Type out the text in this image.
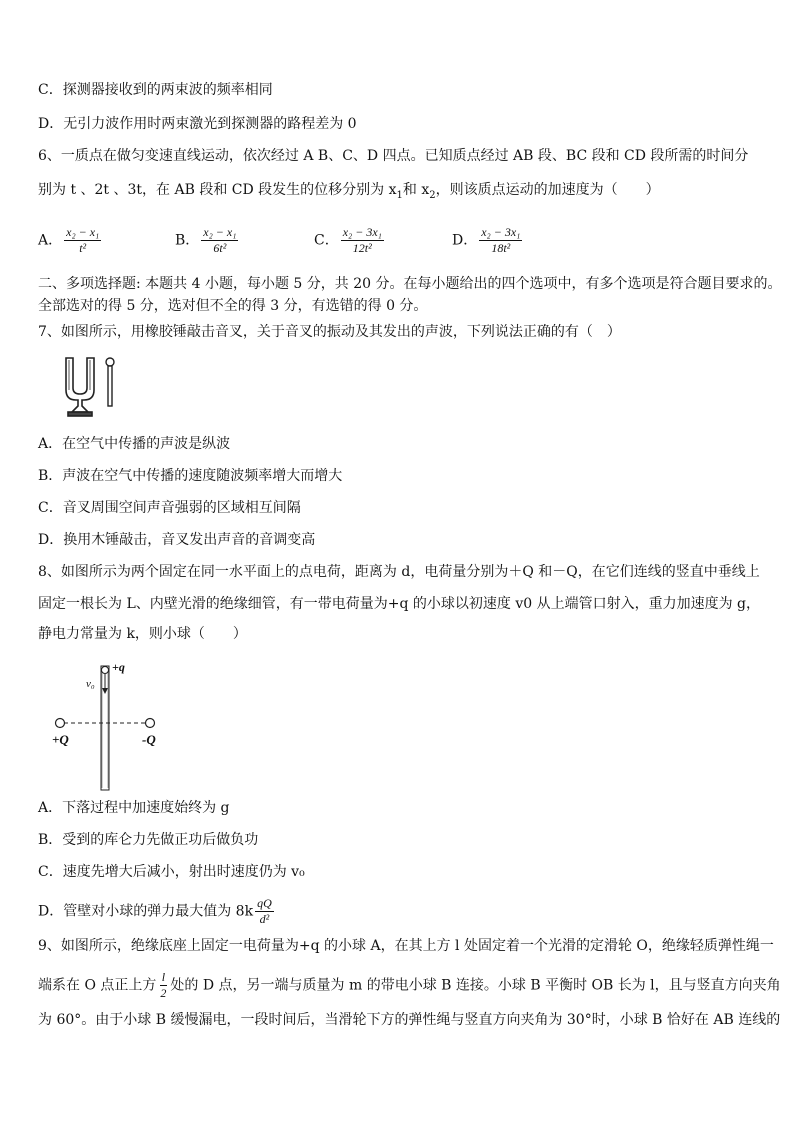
C．探测器接收到的两束波的频率相同
D．无引力波作用时两束激光到探测器的路程差为 0
6、一质点在做匀变速直线运动，依次经过 A B、C、D 四点。已知质点经过 AB 段、BC 段和 CD 段所需的时间分
别为 t 、2t 、3t，在 AB 段和 CD 段发生的位移分别为 $x_1$和 $x_2$，则该质点运动的加速度为（　　）
A． $\frac{\text{x₂ − x₁}}{\text{t²}}$	B． $\frac{\text{x₂ − x₁}}{\text{6t²}}$	C． $\frac{\text{x₂ − 3x₁}}{\text{12t²}}$	D． $\frac{\text{x₂ − 3x₁}}{\text{18t²}}$
二、多项选择题: 本题共 4 小题，每小题 5 分，共 20 分。在每小题给出的四个选项中，有多个选项是符合题目要求的。
全部选对的得 5 分，选对但不全的得 3 分，有选错的得 0 分。
7、如图所示，用橡胶锤敲击音叉，关于音叉的振动及其发出的声波，下列说法正确的有（　）
A．在空气中传播的声波是纵波
B．声波在空气中传播的速度随波频率增大而增大
C．音叉周围空间声音强弱的区域相互间隔
D．换用木锤敲击，音叉发出声音的音调变高
8、如图所示为两个固定在同一水平面上的点电荷，距离为 d，电荷量分别为＋Q 和－Q，在它们连线的竖直中垂线上
固定一根长为 L、内壁光滑的绝缘细管，有一带电荷量为+q 的小球以初速度 v0 从上端管口射入，重力加速度为 g，
静电力常量为 k，则小球（　　）
+q
v₀
+Q	-Q
A．下落过程中加速度始终为 g
B．受到的库仑力先做正功后做负功
C．速度先增大后减小，射出时速度仍为 v₀
D．管壁对小球的弹力最大值为 $8k \frac{qQ}{\text{d²}}$
9、如图所示，绝缘底座上固定一电荷量为+q 的小球 A，在其上方 l 处固定着一个光滑的定滑轮 O，绝缘轻质弹性绳一
端系在 O 点正上方 $\frac{l}{2}$ 处的 D 点，另一端与质量为 m 的带电小球 B 连接。小球 B 平衡时 OB 长为 l，且与竖直方向夹角
为 60°。由于小球 B 缓慢漏电，一段时间后，当滑轮下方的弹性绳与竖直方向夹角为 30°时，小球 B 恰好在 AB 连线的
